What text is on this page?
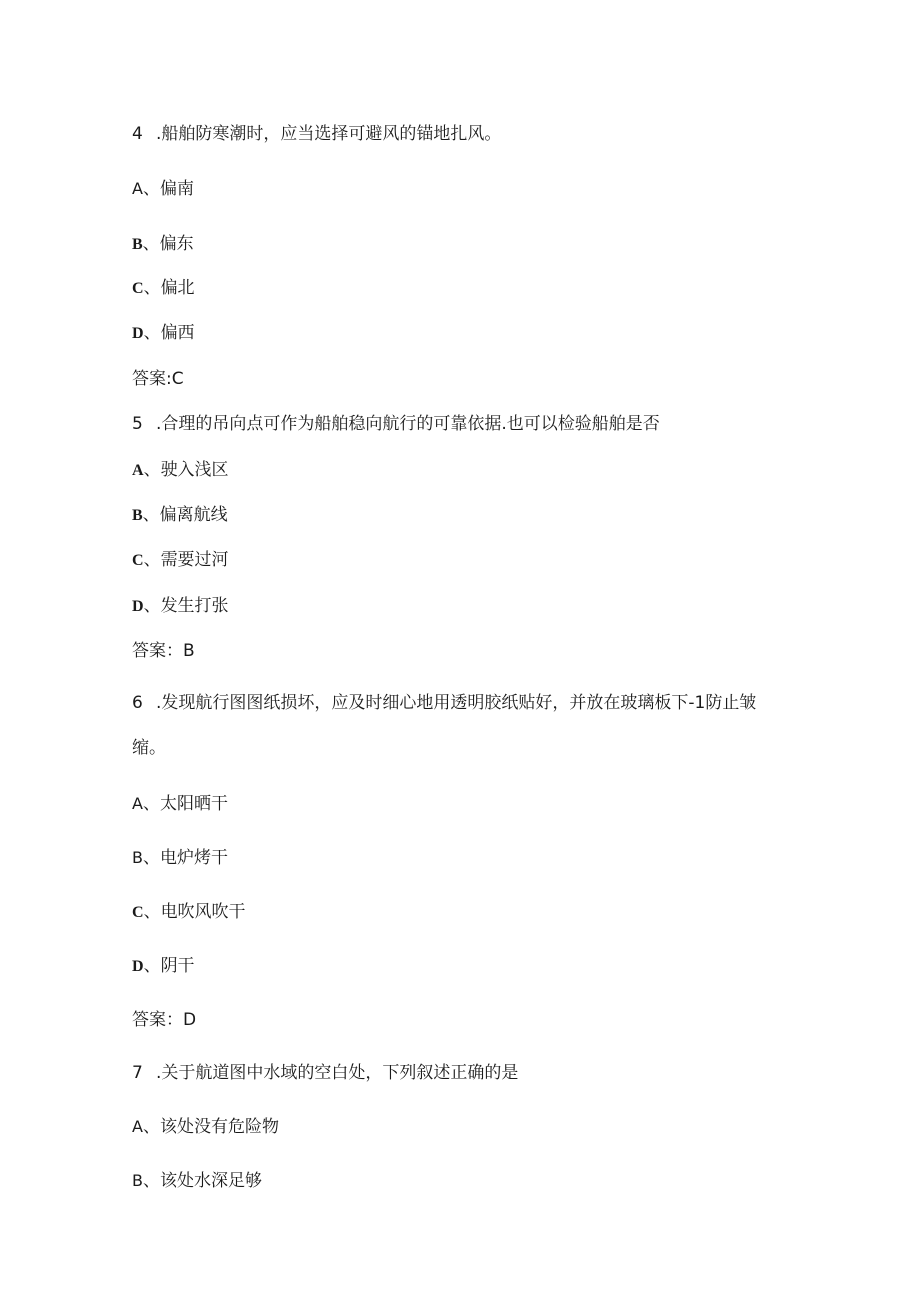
4 .船舶防寒潮时，应当选择可避风的锚地扎风。
A、偏南
B、偏东
C、偏北
D、偏西
答案:C
5 .合理的吊向点可作为船舶稳向航行的可靠依据.也可以检验船舶是否
A、驶入浅区
B、偏离航线
C、需要过河
D、发生打张
答案：B
6 .发现航行图图纸损坏，应及时细心地用透明胶纸贴好，并放在玻璃板下-1防止皱
缩。
A、太阳晒干
B、电炉烤干
C、电吹风吹干
D、阴干
答案：D
7 .关于航道图中水域的空白处，下列叙述正确的是
A、该处没有危险物
B、该处水深足够
